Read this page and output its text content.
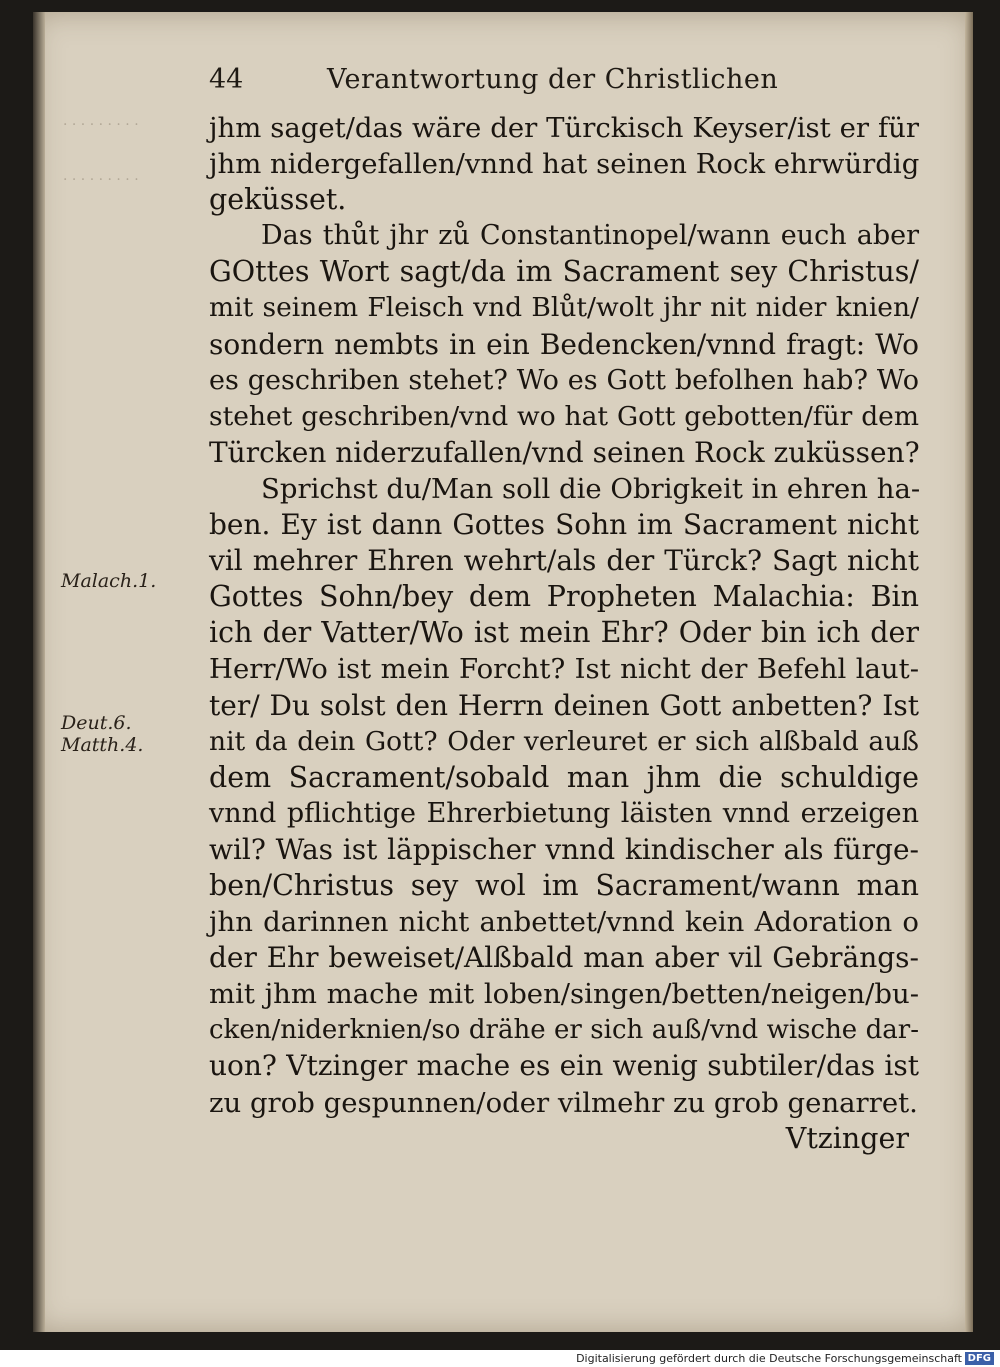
· · · · · · · · ·
· · · · · · · · ·
44	Verantwortung der Christlichen
Malach.1.
Deut.6.
Matth.4.
jhm saget/das wäre der Türckisch Keyser/ist er für
jhm nidergefallen/vnnd hat seinen Rock ehrwürdig
geküsset.
Das thůt jhr zů Constantinopel/wann euch aber
GOttes Wort sagt/da im Sacrament sey Christus/
mit seinem Fleisch vnd Blůt/wolt jhr nit nider knien/
sondern nembts in ein Bedencken/vnnd fragt: Wo
es geschriben stehet? Wo es Gott befolhen hab? Wo
stehet geschriben/vnd wo hat Gott gebotten/für dem
Türcken niderzufallen/vnd seinen Rock zuküssen?
Sprichst du/Man soll die Obrigkeit in ehren ha-
ben. Ey ist dann Gottes Sohn im Sacrament nicht
vil mehrer Ehren wehrt/als der Türck? Sagt nicht
Gottes Sohn/bey dem Propheten Malachia: Bin
ich der Vatter/Wo ist mein Ehr? Oder bin ich der
Herr/Wo ist mein Forcht? Ist nicht der Befehl laut-
ter/ Du solst den Herrn deinen Gott anbetten? Ist
nit da dein Gott? Oder verleuret er sich alßbald auß
dem Sacrament/sobald man jhm die schuldige
vnnd pflichtige Ehrerbietung läisten vnnd erzeigen
wil? Was ist läppischer vnnd kindischer als fürge-
ben/Christus sey wol im Sacrament/wann man
jhn darinnen nicht anbettet/vnnd kein Adoration o
der Ehr beweiset/Alßbald man aber vil Gebrängs-
mit jhm mache mit loben/singen/betten/neigen/bu-
cken/niderknien/so drähe er sich auß/vnd wische dar-
uon? Vtzinger mache es ein wenig subtiler/das ist
zu grob gespunnen/oder vilmehr zu grob genarret.
Vtzinger
Digitalisierung gefördert durch die Deutsche Forschungsgemeinschaft DFG
